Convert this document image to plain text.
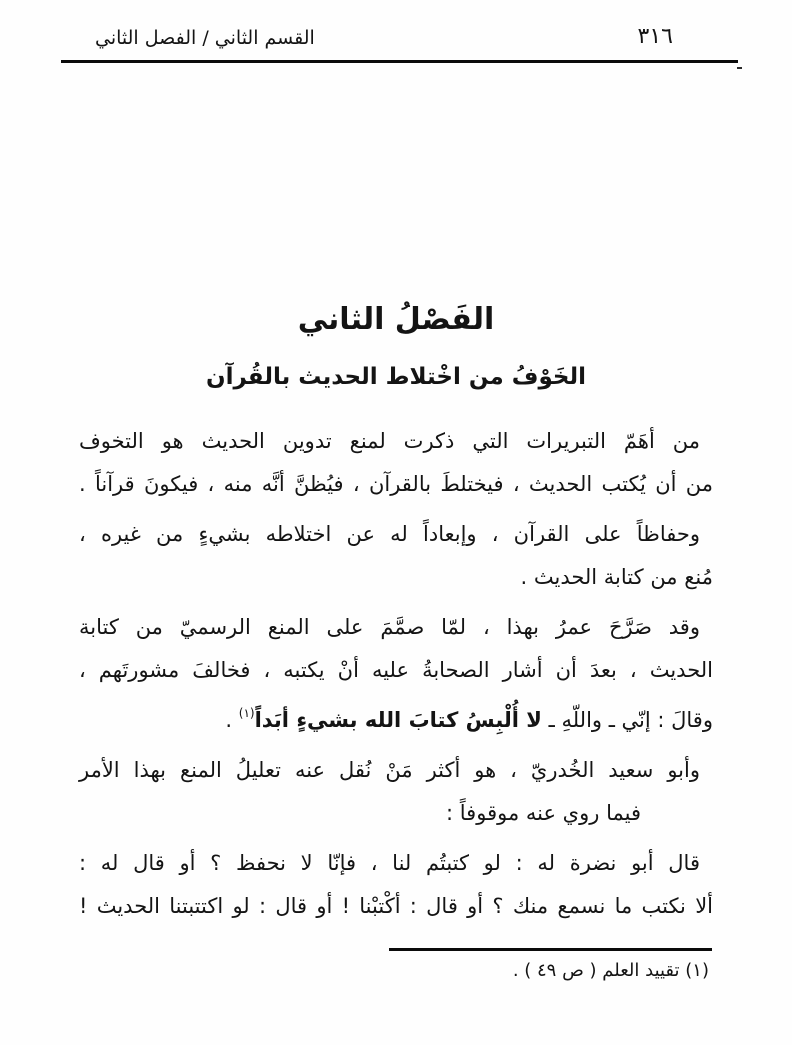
القسم الثاني / الفصل الثاني	٣١٦
الفَصْلُ الثاني
الخَوْفُ من اخْتلاط الحديث بالقُرآن

من أهَمّ التبريرات التي ذكرت لمنع تدوين الحديث هو التخوف
من أن يُكتب الحديث ، فيختلطَ بالقرآن ، فيُظنَّ أنَّه منه ، فيكونَ قرآناً .

وحفاظاً على القرآن ، وإبعاداً له عن اختلاطه بشيءٍ من غيره ،
مُنع من كتابة الحديث .

وقد صَرَّحَ عمرُ بهذا ، لمّا صمَّمَ على المنع الرسميّ من كتابة
الحديث ، بعدَ أن أشار الصحابةُ عليه أنْ يكتبه ، فخالفَ مشورتَهم ،
وقالَ : إنّي ـ واللّهِ ـ لا أُلْبِسُ كتابَ الله بشيءٍ أبَداً$^{(١)}$ .

وأبو سعيد الخُدريّ ، هو أكثر مَنْ نُقل عنه تعليلُ المنع بهذا الأمر
فيما روي عنه موقوفاً :

قال أبو نضرة له : لو كتبتُم لنا ، فإنّا لا نحفظ ؟ أو قال له :
ألا نكتب ما نسمع منك ؟ أو قال : أكْتبْنا ! أو قال : لو اكتتبتنا الحديث !

(١) تقييد العلم ( ص ٤٩ ) .
